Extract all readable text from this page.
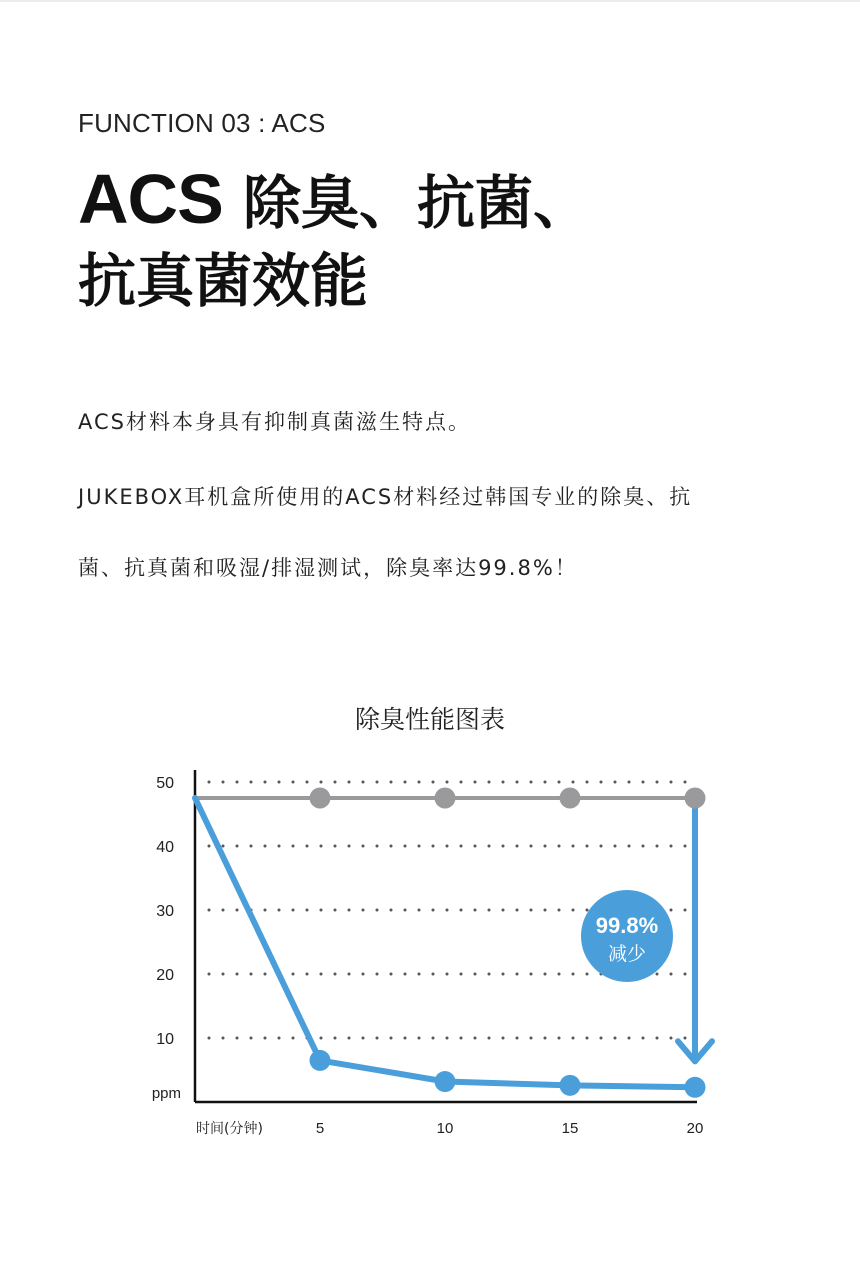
FUNCTION 03 : ACS
ACS 除臭、抗菌、
抗真菌效能

ACS材料本身具有抑制真菌滋生特点。

JUKEBOX耳机盒所使用的ACS材料经过韩国专业的除臭、抗

菌、抗真菌和吸湿/排湿测试，除臭率达99.8%！

除臭性能图表
10
20
30
40
50
ppm
时间(分钟)	5	10	15	20
99.8%
减少
